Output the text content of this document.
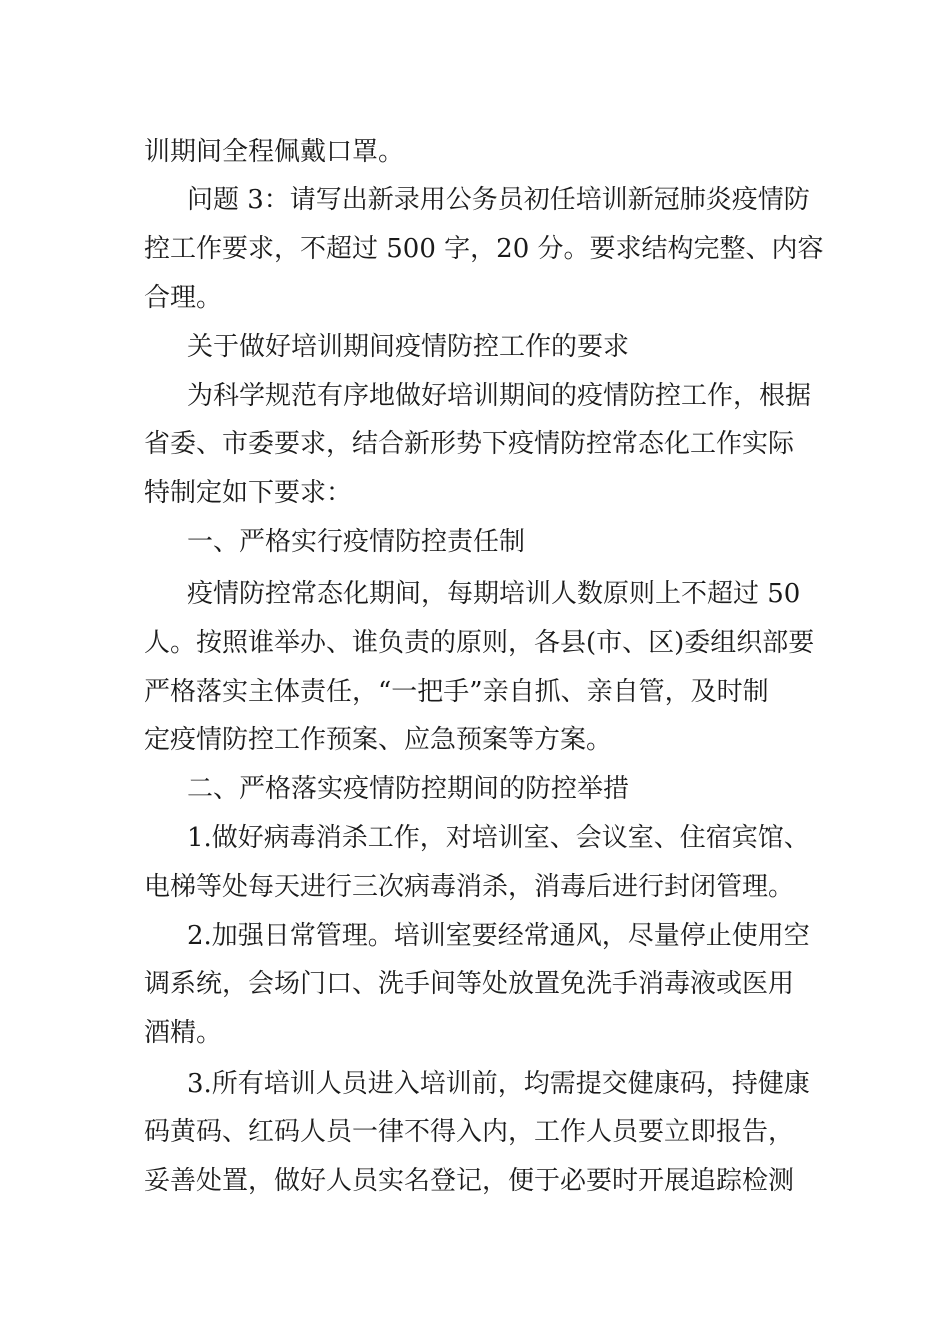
训期间全程佩戴口罩。

问题 3：请写出新录用公务员初任培训新冠肺炎疫情防

控工作要求，不超过 500 字，20 分。要求结构完整、内容

合理。

关于做好培训期间疫情防控工作的要求

为科学规范有序地做好培训期间的疫情防控工作，根据

省委、市委要求，结合新形势下疫情防控常态化工作实际

特制定如下要求：

一、严格实行疫情防控责任制

疫情防控常态化期间，每期培训人数原则上不超过 50

人。按照谁举办、谁负责的原则，各县(市、区)委组织部要

严格落实主体责任，“一把手”亲自抓、亲自管，及时制

定疫情防控工作预案、应急预案等方案。

二、严格落实疫情防控期间的防控举措

1.做好病毒消杀工作，对培训室、会议室、住宿宾馆、

电梯等处每天进行三次病毒消杀，消毒后进行封闭管理。

2.加强日常管理。培训室要经常通风，尽量停止使用空

调系统，会场门口、洗手间等处放置免洗手消毒液或医用

酒精。

3.所有培训人员进入培训前，均需提交健康码，持健康

码黄码、红码人员一律不得入内，工作人员要立即报告，

妥善处置，做好人员实名登记，便于必要时开展追踪检测
